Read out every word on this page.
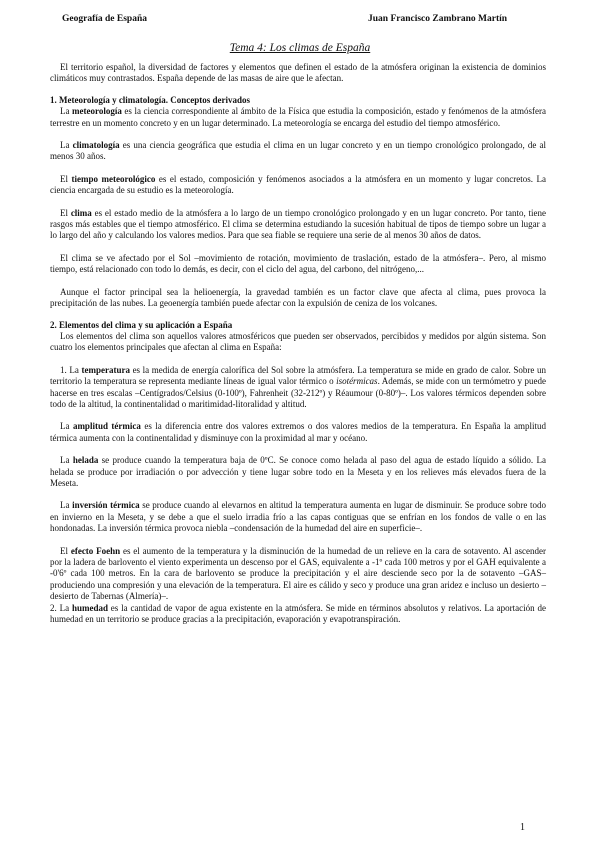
Geografía de España	Juan Francisco Zambrano Martín
Tema 4: Los climas de España

El territorio español, la diversidad de factores y elementos que definen el estado de la atmósfera originan la existencia de dominios climáticos muy contrastados. España depende de las masas de aire que le afectan.

1. Meteorología y climatología. Conceptos derivados

La meteorología es la ciencia correspondiente al ámbito de la Física que estudia la composición, estado y fenómenos de la atmósfera terrestre en un momento concreto y en un lugar determinado. La meteorología se encarga del estudio del tiempo atmosférico.

La climatología es una ciencia geográfica que estudia el clima en un lugar concreto y en un tiempo cronológico prolongado, de al menos 30 años.

El tiempo meteorológico es el estado, composición y fenómenos asociados a la atmósfera en un momento y lugar concretos. La ciencia encargada de su estudio es la meteorología.

El clima es el estado medio de la atmósfera a lo largo de un tiempo cronológico prolongado y en un lugar concreto. Por tanto, tiene rasgos más estables que el tiempo atmosférico. El clima se determina estudiando la sucesión habitual de tipos de tiempo sobre un lugar a lo largo del año y calculando los valores medios. Para que sea fiable se requiere una serie de al menos 30 años de datos.

El clima se ve afectado por el Sol –movimiento de rotación, movimiento de traslación, estado de la atmósfera–. Pero, al mismo tiempo, está relacionado con todo lo demás, es decir, con el ciclo del agua, del carbono, del nitrógeno,...

Aunque el factor principal sea la helioenergía, la gravedad también es un factor clave que afecta al clima, pues provoca la precipitación de las nubes. La geoenergía también puede afectar con la expulsión de ceniza de los volcanes.

2. Elementos del clima y su aplicación a España

Los elementos del clima son aquellos valores atmosféricos que pueden ser observados, percibidos y medidos por algún sistema. Son cuatro los elementos principales que afectan al clima en España:

1. La temperatura es la medida de energía calorífica del Sol sobre la atmósfera. La temperatura se mide en grado de calor. Sobre un territorio la temperatura se representa mediante líneas de igual valor térmico o isotérmicas. Además, se mide con un termómetro y puede hacerse en tres escalas –Centígrados/Celsius (0-100º), Fahrenheit (32-212º) y Réaumour (0-80º)–. Los valores térmicos dependen sobre todo de la altitud, la continentalidad o maritimidad-litoralidad y altitud.

La amplitud térmica es la diferencia entre dos valores extremos o dos valores medios de la temperatura. En España la amplitud térmica aumenta con la continentalidad y disminuye con la proximidad al mar y océano.

La helada se produce cuando la temperatura baja de 0ºC. Se conoce como helada al paso del agua de estado líquido a sólido. La helada se produce por irradiación o por advección y tiene lugar sobre todo en la Meseta y en los relieves más elevados fuera de la Meseta.

La inversión térmica se produce cuando al elevarnos en altitud la temperatura aumenta en lugar de disminuir. Se produce sobre todo en invierno en la Meseta, y se debe a que el suelo irradia frío a las capas contiguas que se enfrían en los fondos de valle o en las hondonadas. La inversión térmica provoca niebla –condensación de la humedad del aire en superficie–.

El efecto Foehn es el aumento de la temperatura y la disminución de la humedad de un relieve en la cara de sotavento. Al ascender por la ladera de barlovento el viento experimenta un descenso por el GAS, equivalente a -1º cada 100 metros y por el GAH equivalente a -0'6º cada 100 metros. En la cara de barlovento se produce la precipitación y el aire desciende seco por la de sotavento –GAS– produciendo una compresión y una elevación de la temperatura. El aire es cálido y seco y produce una gran aridez e incluso un desierto –desierto de Tabernas (Almería)–.

2. La humedad es la cantidad de vapor de agua existente en la atmósfera. Se mide en términos absolutos y relativos. La aportación de humedad en un territorio se produce gracias a la precipitación, evaporación y evapotranspiración.

1
